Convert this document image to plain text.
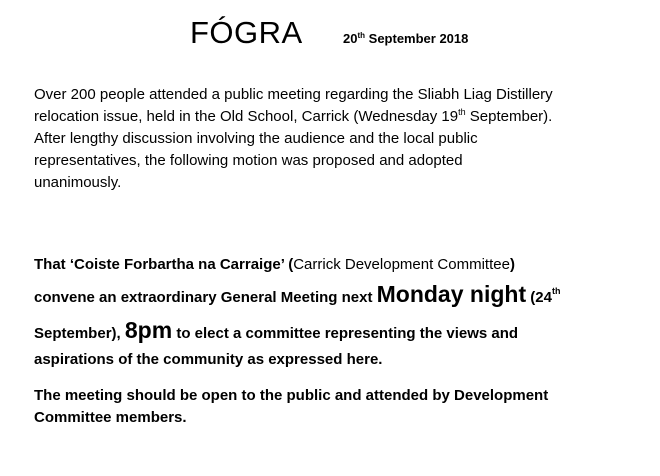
FÓGRA	20th September 2018
Over 200 people attended a public meeting regarding the Sliabh Liag Distillery
relocation issue, held in the Old School, Carrick (Wednesday 19th September).
After lengthy discussion involving the audience and the local public
representatives, the following motion was proposed and adopted
unanimously.

That ‘Coiste Forbartha na Carraige’ (Carrick Development Committee)

convene an extraordinary General Meeting next Monday night (24th

September), 8pm to elect a committee representing the views and

aspirations of the community as expressed here.

The meeting should be open to the public and attended by Development

Committee members.
